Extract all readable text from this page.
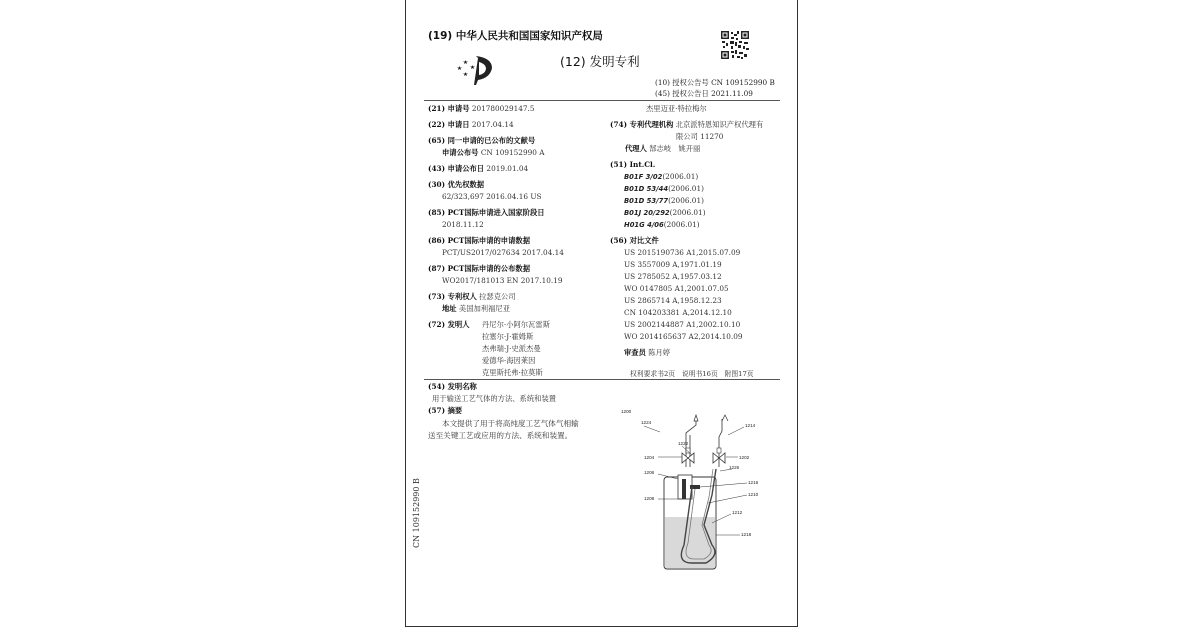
(19) 中华人民共和国国家知识产权局
(12) 发明专利
(10) 授权公告号 CN 109152990 B
(45) 授权公告日 2021.11.09
(21) 申请号 201780029147.5
(22) 申请日 2017.04.14
(65) 同一申请的已公布的文献号
申请公布号 CN 109152990 A
(43) 申请公布日 2019.01.04
(30) 优先权数据
62/323,697 2016.04.16 US
(85) PCT国际申请进入国家阶段日
2018.11.12
(86) PCT国际申请的申请数据
PCT/US2017/027634 2017.04.14
(87) PCT国际申请的公布数据
WO2017/181013 EN 2017.10.19
(73) 专利权人 拉瑟克公司
地址 美国加利福尼亚
(72) 发明人 丹尼尔·小阿尔瓦雷斯
拉塞尔·J·霍姆斯
杰弗瑞·J·史派杰曼
爱德华·海因莱因
克里斯托弗·拉莫斯
杰里迈亚·特拉梅尔
(74) 专利代理机构 北京派特恩知识产权代理有
限公司 11270
代理人 郜志岐　姚开丽
(51) Int.Cl.
B01F 3/02(2006.01)
B01D 53/44(2006.01)
B01D 53/77(2006.01)
B01J 20/292(2006.01)
H01G 4/06(2006.01)
(56) 对比文件
US 2015190736 A1,2015.07.09
US 3557009 A,1971.01.19
US 2785052 A,1957.03.12
WO 0147805 A1,2001.07.05
US 2865714 A,1958.12.23
CN 104203381 A,2014.12.10
US 2002144887 A1,2002.10.10
WO 2014165637 A2,2014.10.09
审查员 陈月婷
权利要求书2页　说明书16页　附图17页
(54) 发明名称
用于输送工艺气体的方法、系统和装置
(57) 摘要
本文提供了用于将高纯度工艺气体气相输
送至关键工艺或应用的方法、系统和装置。
1200
1224
1214
1222
1204	1202
1226
1206
1216
1208
1210
1212
1218
CN 109152990 B
